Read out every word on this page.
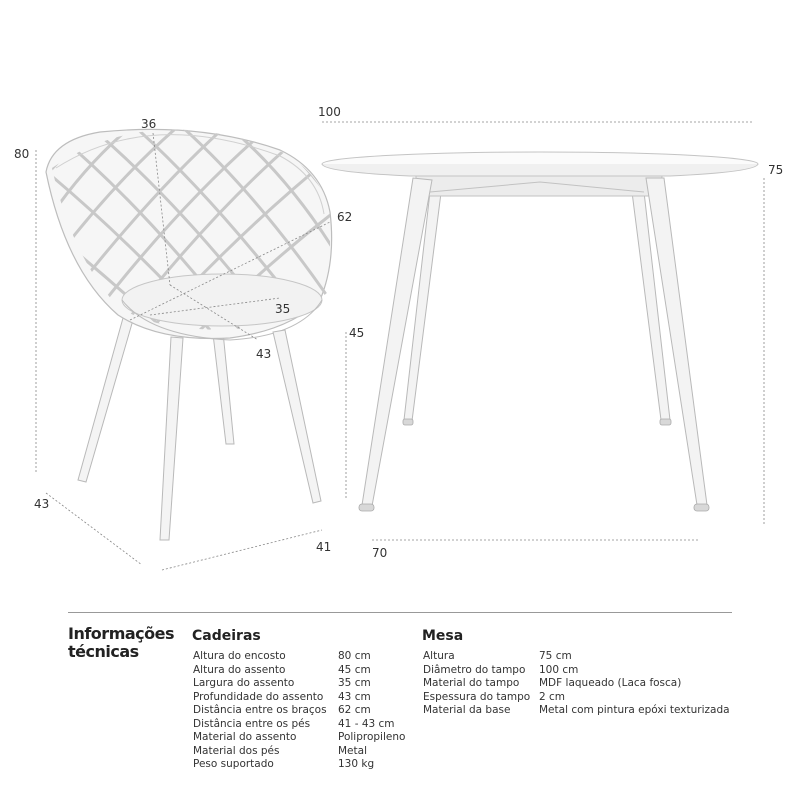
80
36
62
35
43
45
43
41
100
75
70
Informações
técnicas
Cadeiras
Altura do encosto	80 cm
Altura do assento	45 cm
Largura do assento	35 cm
Profundidade do assento 43 cm
Distância entre os braços 62 cm
Distância entre os pés	41 - 43 cm
Material do assento	Polipropileno
Material dos pés	Metal
Peso suportado	130 kg
Mesa
Altura	75 cm
Diâmetro do tampo 100 cm
Material do tampo MDF laqueado (Laca fosca)
Espessura do tampo 2 cm
Material da base	Metal com pintura epóxi texturizada
